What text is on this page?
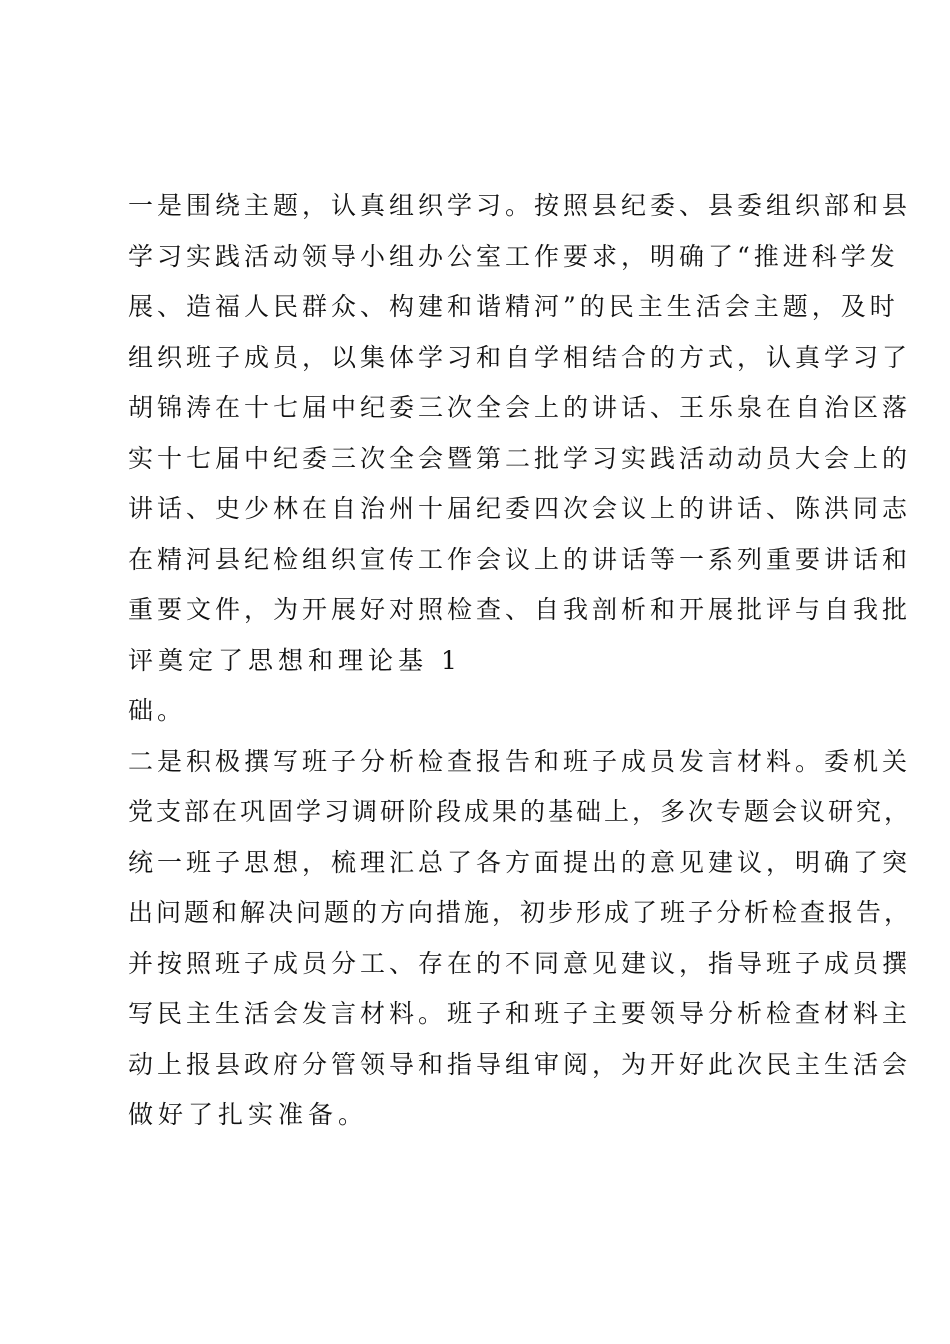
一是围绕主题，认真组织学习。按照县纪委、县委组织部和县
学习实践活动领导小组办公室工作要求，明确了“推进科学发
展、造福人民群众、构建和谐精河”的民主生活会主题，及时
组织班子成员，以集体学习和自学相结合的方式，认真学习了
胡锦涛在十七届中纪委三次全会上的讲话、王乐泉在自治区落
实十七届中纪委三次全会暨第二批学习实践活动动员大会上的
讲话、史少林在自治州十届纪委四次会议上的讲话、陈洪同志
在精河县纪检组织宣传工作会议上的讲话等一系列重要讲话和
重要文件，为开展好对照检查、自我剖析和开展批评与自我批
评奠定了思想和理论基 1
础。
二是积极撰写班子分析检查报告和班子成员发言材料。委机关
党支部在巩固学习调研阶段成果的基础上，多次专题会议研究，
统一班子思想，梳理汇总了各方面提出的意见建议，明确了突
出问题和解决问题的方向措施，初步形成了班子分析检查报告，
并按照班子成员分工、存在的不同意见建议，指导班子成员撰
写民主生活会发言材料。班子和班子主要领导分析检查材料主
动上报县政府分管领导和指导组审阅，为开好此次民主生活会
做好了扎实准备。
